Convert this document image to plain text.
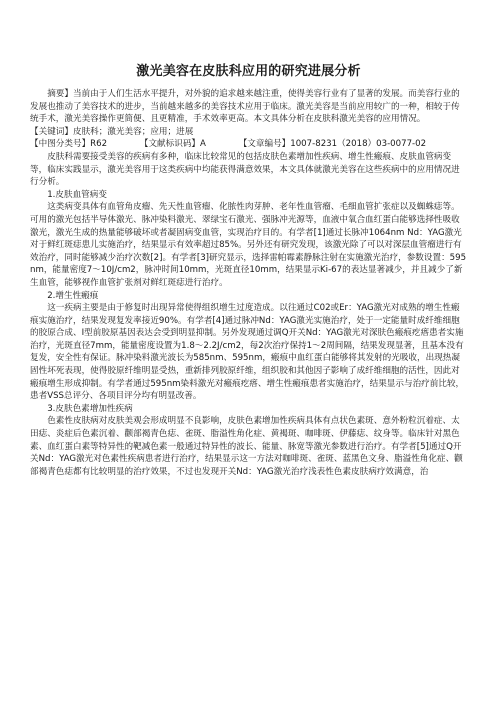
激光美容在皮肤科应用的研究进展分析

摘要】当前由于人们生活水平提升，对外貌的追求越来越注重，使得美容行业有了显著的发展。而美容行业的发展也推动了美容技术的进步，当前越来越多的美容技术应用于临床。激光美容是当前应用较广的一种，相较于传统手术，激光美容操作更简便、且更精准，手术效率更高。本文具体分析在皮肤科激光美容的应用情况。

【关键词】皮肤科；激光美容；应用；进展

【中图分类号】R62	【文献标识码】A	【文章编号】1007-8231（2018）03-0077-02

皮肤科需要接受美容的疾病有多种，临床比较常见的包括皮肤色素增加性疾病、增生性瘢痕、皮肤血管病变等，临床实践显示，激光美容用于这类疾病中均能获得满意效果，本文具体就激光美容在这些疾病中的应用情况进行分析。

1.皮肤血管病变

这类病变具体有血管角皮瘤、先天性血管瘤、化脓性肉芽肿、老年性血管瘤、毛细血管扩张症以及蜘蛛痣等。可用的激光包括半导体激光、脉冲染料激光、翠绿宝石激光、强脉冲光源等，血液中氧合血红蛋白能够选择性吸收激光，激光生成的热量能够破坏或者凝固病变血管，实现治疗目的。有学者[1]通过长脉冲1064nm Nd：YAG激光对于鲜红斑痣患儿实施治疗，结果显示有效率超过85%。另外还有研究发现，该激光除了可以对深层血管瘤进行有效治疗，同时能够减少治疗次数[2]。有学者[3]研究显示，选择雷帕霉素静脉注射在实施激光治疗，参数设置：595nm，能量密度7～10J/cm2，脉冲时间10mm，光斑直径10mm，结果显示Ki-67的表达显著减少，并且减少了新生血管，能够视作血管扩张剂对鲜红斑痣进行治疗。

2.增生性瘢痕

这一疾病主要是由于修复时出现异常使得组织增生过度造成。以往通过C02或Er：YAG激光对成熟的增生性瘢痕实施治疗，结果发现复发率接近90%。有学者[4]通过脉冲Nd：YAG激光实施治疗，处于一定能量时成纤维细胞的胶原合成、Ⅰ型前胶原基因表达会受到明显抑制。另外发现通过调Q开关Nd：YAG激光对深肤色瘢痕疙瘩患者实施治疗，光斑直径7mm，能量密度设置为1.8～2.2J/cm2，每2次治疗保持1～2周间隔，结果发现显著，且基本没有复发，安全性有保证。脉冲染料激光波长为585nm、595nm，瘢痕中血红蛋白能够将其发射的光吸收，出现热凝固性坏死表现，使得胶原纤维明显受热，重新排列胶原纤维，组织胶和其他因子影响了成纤维细胞的活性，因此对瘢痕增生形成抑制。有学者通过595nm染料激光对瘢痕疙瘩、增生性瘢痕患者实施治疗，结果显示与治疗前比较，患者VSS总评分、各项目评分均有明显改善。

3.皮肤色素增加性疾病

色素性皮肤病对皮肤美观会形成明显不良影响，皮肤色素增加性疾病具体有点状色素斑、意外粉粒沉着症、太田痣、炎症后色素沉着、颧部褐青色痣、雀斑、脂溢性角化症、黄褐斑、咖啡斑、伊藤痣、纹身等。临床针对黑色素、血红蛋白素等特异性的靶减色素一般通过特异性的波长、能量、脉宽等激光参数进行治疗。有学者[5]通过Q开关Nd：YAG激光对色素性疾病患者进行治疗，结果显示这一方法对咖啡斑、雀斑、蓝黑色文身、脂溢性角化症、颧部褐青色痣都有比较明显的治疗效果，不过也发现开关Nd：YAG激光治疗浅表性色素皮肤病疗效满意，治
